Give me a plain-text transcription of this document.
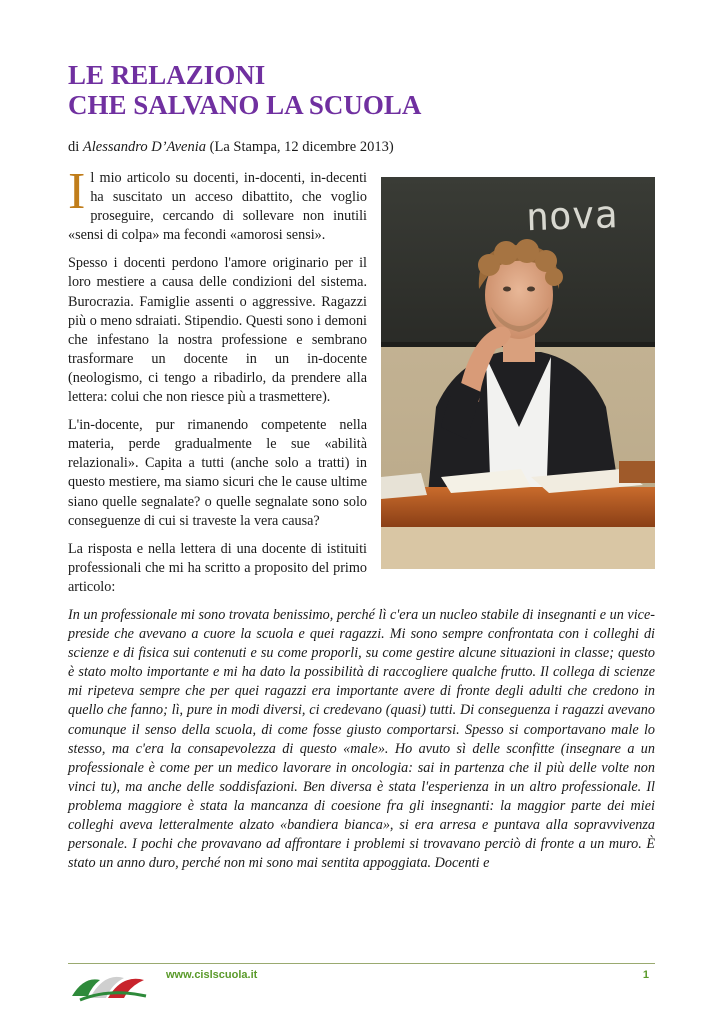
LE RELAZIONI
CHE SALVANO LA SCUOLA
di Alessandro D’Avenia (La Stampa, 12 dicembre 2013)
nova

Il mio articolo su docenti, in-docenti, in-decenti ha suscitato un acceso dibattito, che voglio proseguire, cercando di sollevare non inutili «sensi di colpa» ma fecondi «amorosi sensi».

Spesso i docenti perdono l'amore originario per il loro mestiere a causa delle condizioni del sistema. Burocrazia. Famiglie assenti o aggressive. Ragazzi più o meno sdraiati. Stipendio. Questi sono i demoni che infestano la nostra professione e sembrano trasformare un docente in un in-docente (neologismo, ci tengo a ribadirlo, da prendere alla lettera: colui che non riesce più a trasmettere).

L'in-docente, pur rimanendo competente nella materia, perde gradualmente le sue «abilità relazionali». Capita a tutti (anche solo a tratti) in questo mestiere, ma siamo sicuri che le cause ultime siano quelle segnalate? o quelle segnalate sono solo conseguenze di cui si traveste la vera causa?

La risposta e nella lettera di una docente di istituiti professionali che mi ha scritto a proposito del primo articolo:

In un professionale mi sono trovata benissimo, perché lì c'era un nucleo stabile di insegnanti e un vice-preside che avevano a cuore la scuola e quei ragazzi. Mi sono sempre confrontata con i colleghi di scienze e di fisica sui contenuti e su come proporli, su come gestire alcune situazioni in classe; questo è stato molto importante e mi ha dato la possibilità di raccogliere qualche frutto. Il collega di scienze mi ripeteva sempre che per quei ragazzi era importante avere di fronte degli adulti che credono in quello che fanno; lì, pure in modi diversi, ci credevano (quasi) tutti. Di conseguenza i ragazzi avevano comunque il senso della scuola, di come fosse giusto comportarsi. Spesso si comportavano male lo stesso, ma c'era la consapevolezza di questo «male». Ho avuto sì delle sconfitte (insegnare a un professionale è come per un medico lavorare in oncologia: sai in partenza che il più delle volte non vinci tu), ma anche delle soddisfazioni. Ben diversa è stata l'esperienza in un altro professionale. Il problema maggiore è stata la mancanza di coesione fra gli insegnanti: la maggior parte dei miei colleghi aveva letteralmente alzato «bandiera bianca», si era arresa e puntava alla sopravvivenza personale. I pochi che provavano ad affrontare i problemi si trovavano perciò di fronte a un muro. È stato un anno duro, perché non mi sono mai sentita appoggiata. Docenti e

www.cislscuola.it	1
